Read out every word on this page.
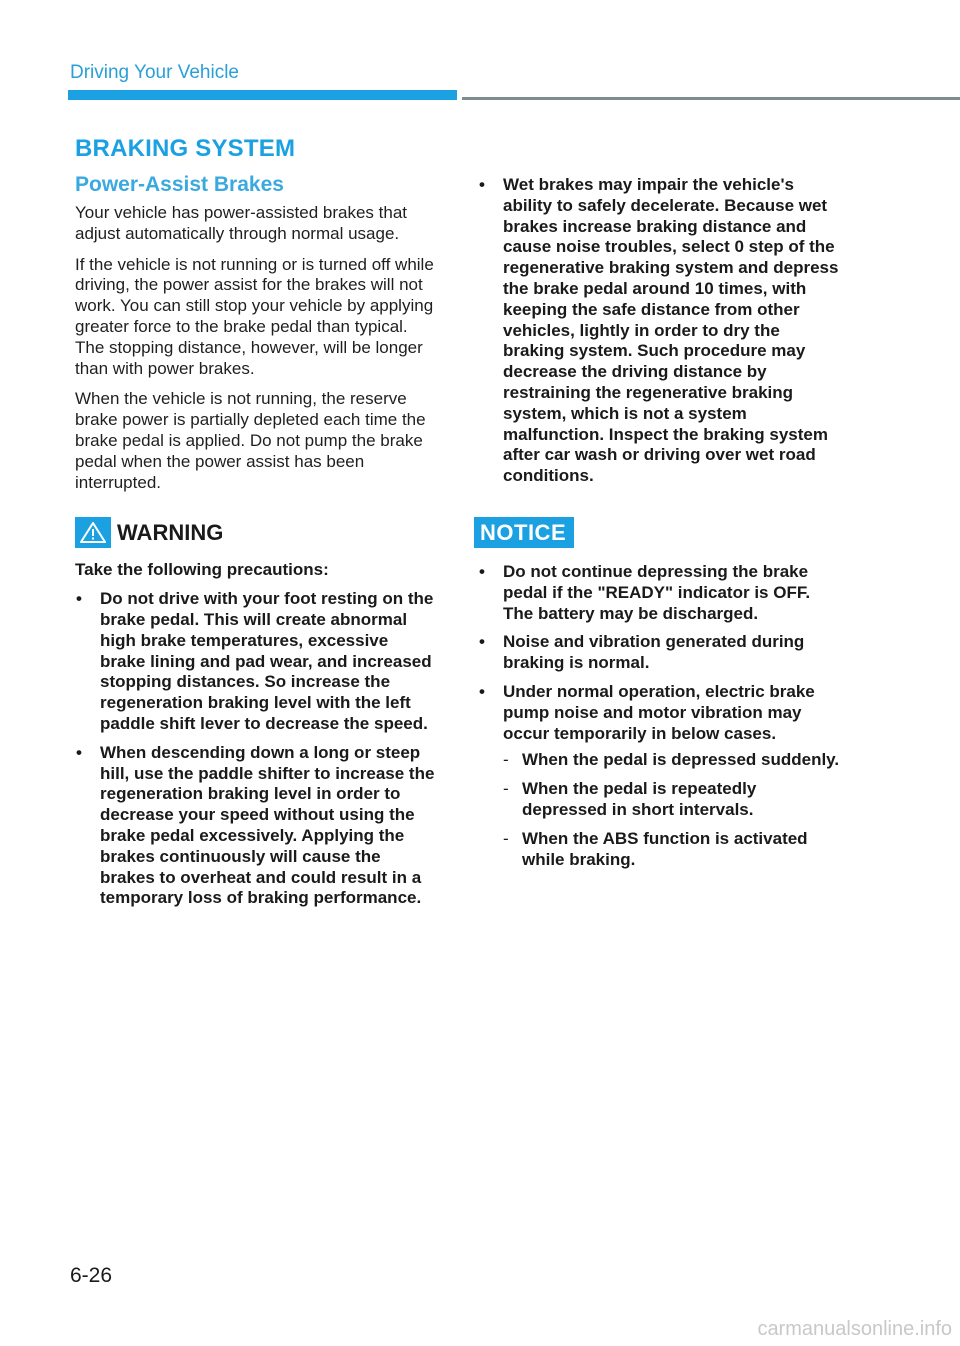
Driving Your Vehicle
BRAKING SYSTEM
Power-Assist Brakes

Your vehicle has power-assisted brakes that adjust automatically through normal usage.

If the vehicle is not running or is turned off while driving, the power assist for the brakes will not work. You can still stop your vehicle by applying greater force to the brake pedal than typical. The stopping distance, however, will be longer than with power brakes.

When the vehicle is not running, the reserve brake power is partially depleted each time the brake pedal is applied. Do not pump the brake pedal when the power assist has been interrupted.

WARNING

Take the following precautions:

• Do not drive with your foot resting on the brake pedal. This will create abnormal high brake temperatures, excessive brake lining and pad wear, and increased stopping distances. So increase the regeneration braking level with the left paddle shift lever to decrease the speed.
• When descending down a long or steep hill, use the paddle shifter to increase the regeneration braking level in order to decrease your speed without using the brake pedal excessively. Applying the brakes continuously will cause the brakes to overheat and could result in a temporary loss of braking performance.
• Wet brakes may impair the vehicle's ability to safely decelerate. Because wet brakes increase braking distance and cause noise troubles, select 0 step of the regenerative braking system and depress the brake pedal around 10 times, with keeping the safe distance from other vehicles, lightly in order to dry the braking system. Such procedure may decrease the driving distance by restraining the regenerative braking system, which is not a system malfunction. Inspect the braking system after car wash or driving over wet road conditions.
NOTICE
• Do not continue depressing the brake pedal if the "READY" indicator is OFF. The battery may be discharged.
• Noise and vibration generated during braking is normal.
• Under normal operation, electric brake pump noise and motor vibration may occur temporarily in below cases.
- When the pedal is depressed suddenly.
- When the pedal is repeatedly depressed in short intervals.
- When the ABS function is activated while braking.
6-26
carmanualsonline.info
